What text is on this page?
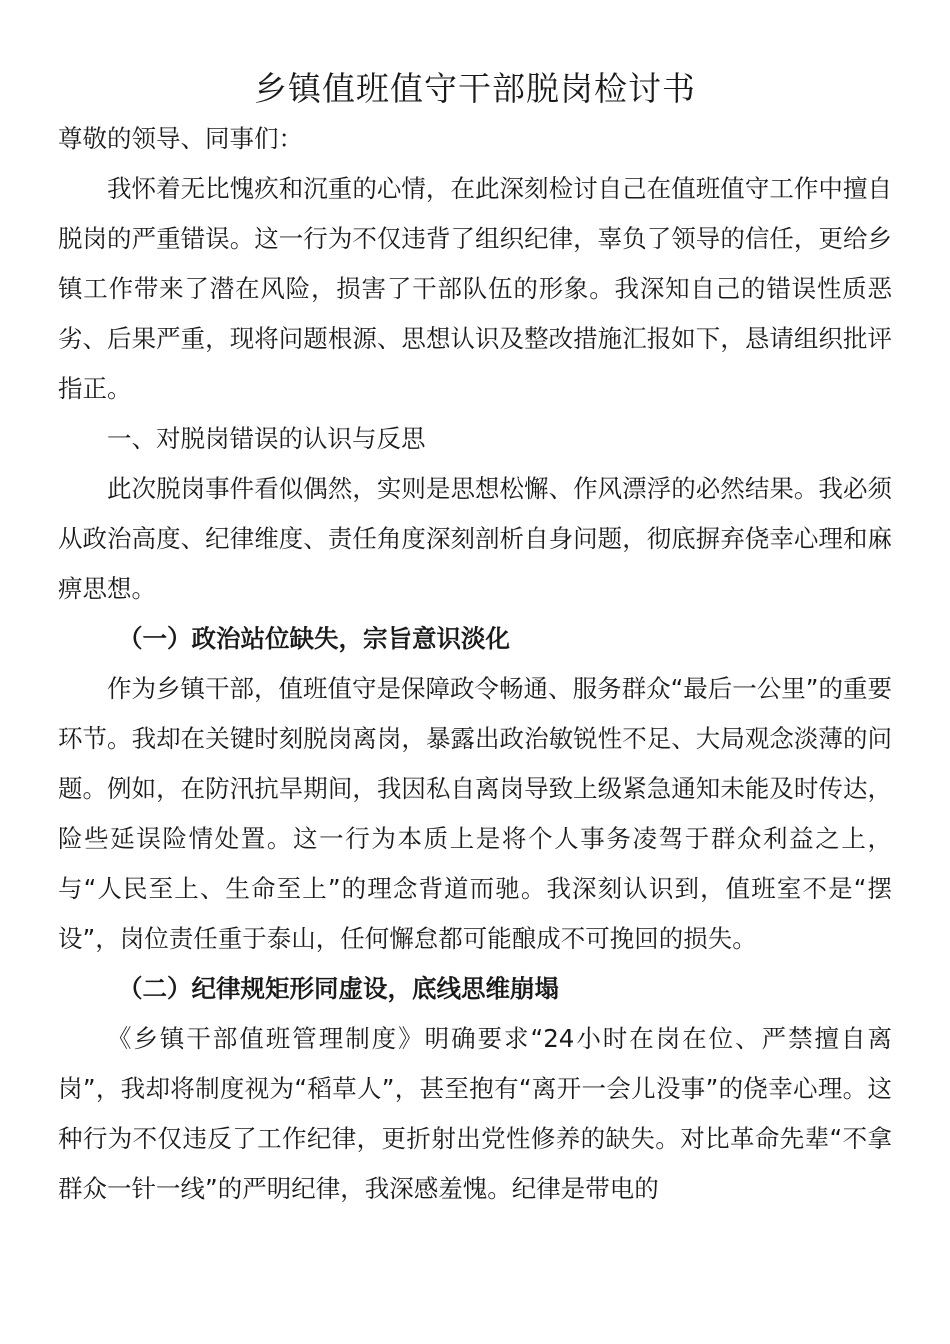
乡镇值班值守干部脱岗检讨书

尊敬的领导、同事们：

我怀着无比愧疚和沉重的心情，在此深刻检讨自己在值班值守工作中擅自脱岗的严重错误。这一行为不仅违背了组织纪律，辜负了领导的信任，更给乡镇工作带来了潜在风险，损害了干部队伍的形象。我深知自己的错误性质恶劣、后果严重，现将问题根源、思想认识及整改措施汇报如下，恳请组织批评指正。

一、对脱岗错误的认识与反思

此次脱岗事件看似偶然，实则是思想松懈、作风漂浮的必然结果。我必须从政治高度、纪律维度、责任角度深刻剖析自身问题，彻底摒弃侥幸心理和麻痹思想。

（一）政治站位缺失，宗旨意识淡化

作为乡镇干部，值班值守是保障政令畅通、服务群众“最后一公里”的重要环节。我却在关键时刻脱岗离岗，暴露出政治敏锐性不足、大局观念淡薄的问题。例如，在防汛抗旱期间，我因私自离岗导致上级紧急通知未能及时传达，险些延误险情处置。这一行为本质上是将个人事务凌驾于群众利益之上，与“人民至上、生命至上”的理念背道而驰。我深刻认识到，值班室不是“摆设”，岗位责任重于泰山，任何懈怠都可能酿成不可挽回的损失。

（二）纪律规矩形同虚设，底线思维崩塌

《乡镇干部值班管理制度》明确要求“24小时在岗在位、严禁擅自离岗”，我却将制度视为“稻草人”，甚至抱有“离开一会儿没事”的侥幸心理。这种行为不仅违反了工作纪律，更折射出党性修养的缺失。对比革命先辈“不拿群众一针一线”的严明纪律，我深感羞愧。纪律是带电的
